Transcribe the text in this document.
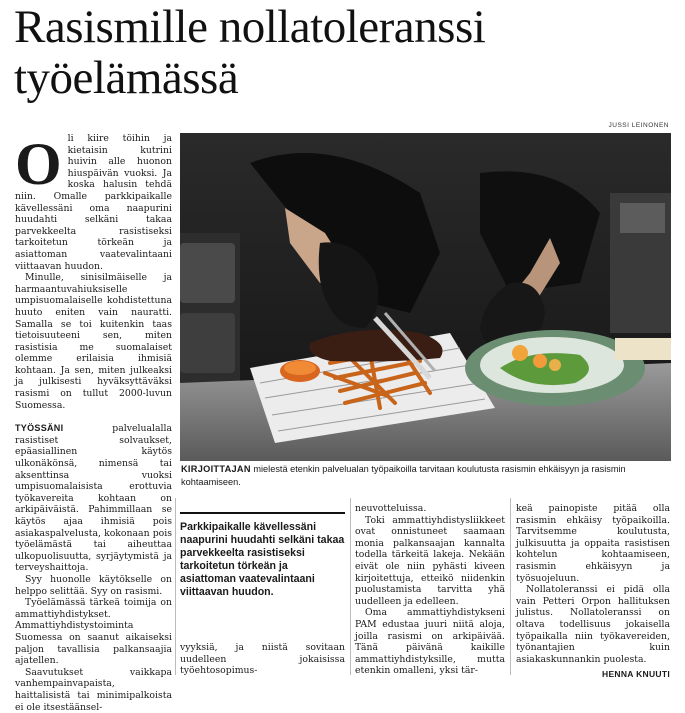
Rasismille nollatoleranssi työelämässä
JUSSI LEINONEN

KIRJOITTAJAN mielestä etenkin palvelualan työpaikoilla tarvitaan koulutusta rasismin ehkäisyyn ja rasismin kohtaamiseen.

O li kiire töihin ja kietaisin kutrini huivin alle huonon hiuspäivän vuoksi. Ja koska halusin tehdä niin. Omalle parkkipaikalle kävellessäni oma naapurini huudahti selkäni takaa parvekkeelta rasistiseksi tarkoitetun törkeän ja asiattoman vaatevalintaani viittaavan huudon.

Minulle, sinisilmäiselle ja harmaantuvahiuksiselle umpisuomalaiselle kohdistettuna huuto eniten vain nauratti. Samalla se toi kuitenkin taas tietoisuuteeni sen, miten rasistisia me suomalaiset olemme erilaisia ihmisiä kohtaan. Ja sen, miten julkeaksi ja julkisesti hyväksyttäväksi rasismi on tullut 2000-luvun Suomessa.

TYÖSSÄNI	palvelualalla rasistiset solvaukset, epäasiallinen käytös ulkonäkönsä, nimensä tai aksenttinsa vuoksi umpisuomalaisista erottuvia työkavereita kohtaan on arkipäiväistä. Pahimmillaan se käytös ajaa ihmisiä pois asiakaspalvelusta, kokonaan pois työelämästä tai aiheuttaa ulkopuolisuutta, syrjäytymistä ja terveyshaittoja.

Syy huonolle käytökselle on helppo selittää. Syy on rasismi.

Työelämässä tärkeä toimija on ammattiyhdistykset. Ammattiyhdistystoiminta Suomessa on saanut aikaiseksi paljon tavallisia palkansaajia ajatellen.

Saavutukset vaikkapa vanhempainvapaista, haittalisistä tai minimipalkoista ei ole itsestäänsel-

Parkkipaikalle kävellessäni naapurini huudahti selkäni takaa parvekkeelta rasistiseksi tarkoitetun törkeän ja asiattoman vaatevalintaani viittaavan huudon.

vyyksiä, ja niistä sovitaan uudelleen jokaisissa työehtosopimus-

neuvotteluissa.

Toki ammattiyhdistysliikkeet ovat onnistuneet saamaan monia palkansaajan kannalta todella tärkeitä lakeja. Nekään eivät ole niin pyhästi kiveen kirjoitettuja, etteikö niidenkin puolustamista tarvitta yhä uudelleen ja edelleen.

Oma ammattiyhdistykseni PAM edustaa juuri niitä aloja, joilla rasismi on arkipäivää. Tänä päivänä kaikille ammattiyhdistyksille, mutta etenkin omalleni, yksi tär-

keä painopiste pitää olla rasismin ehkäisy työpaikoilla. Tarvitsemme koulutusta, julkisuutta ja oppaita rasistisen kohtelun kohtaamiseen, rasismin ehkäisyyn ja työsuojeluun.

Nollatoleranssi ei pidä olla vain Petteri Orpon hallituksen julistus. Nollatoleranssi on oltava todellisuus jokaisella työpaikalla niin työkavereiden, työnantajien kuin asiakaskunnankin puolesta.

HENNA KNUUTI
